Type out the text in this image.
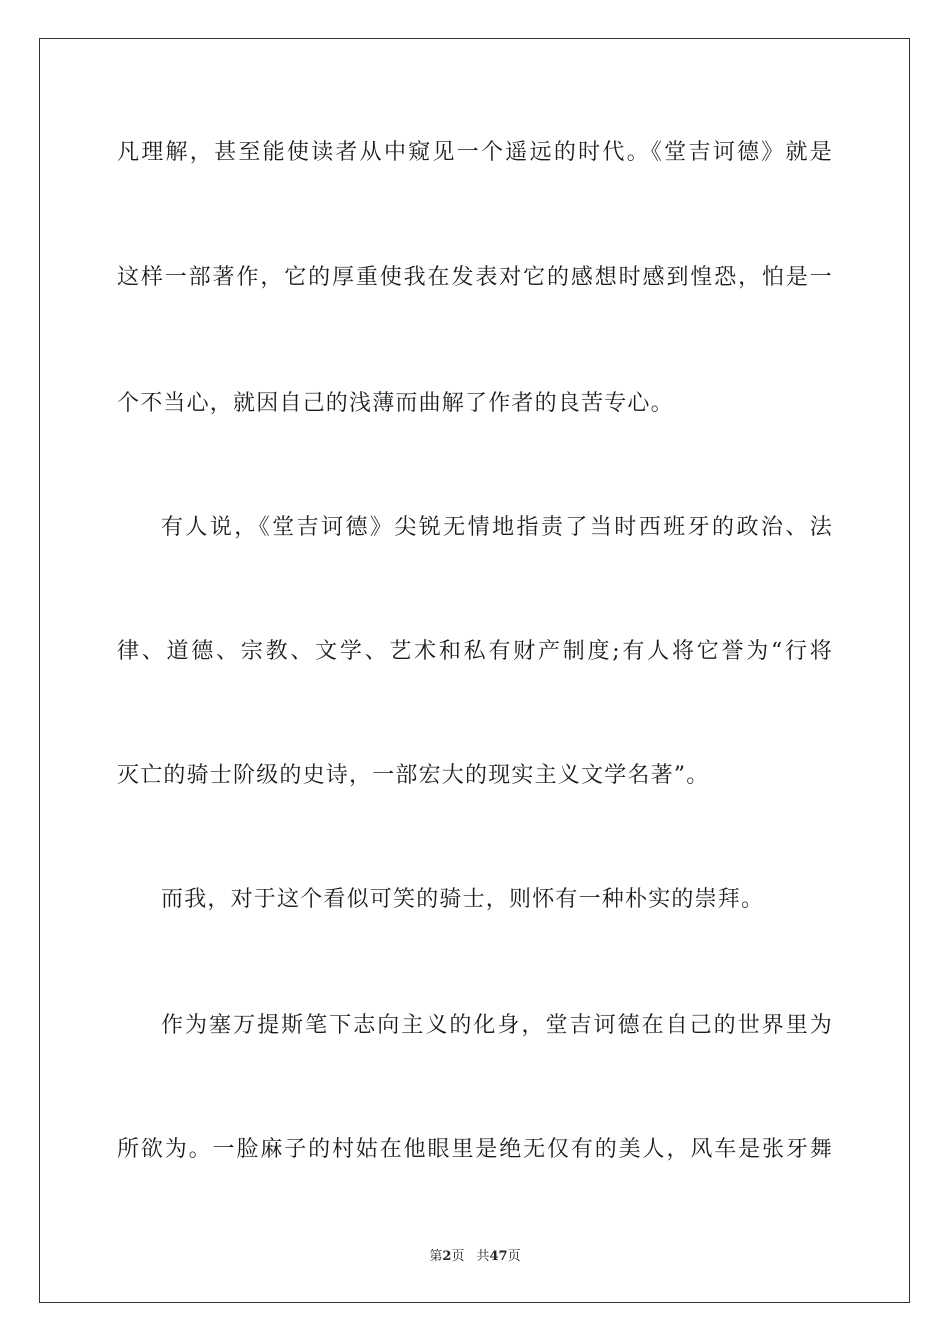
凡理解，甚至能使读者从中窥见一个遥远的时代。《堂吉诃德》就是
这样一部著作，它的厚重使我在发表对它的感想时感到惶恐，怕是一
个不当心，就因自己的浅薄而曲解了作者的良苦专心。
有人说，《堂吉诃德》尖锐无情地指责了当时西班牙的政治、法
律、道德、宗教、文学、艺术和私有财产制度;有人将它誉为“行将
灭亡的骑士阶级的史诗，一部宏大的现实主义文学名著”。
而我，对于这个看似可笑的骑士，则怀有一种朴实的崇拜。
作为塞万提斯笔下志向主义的化身，堂吉诃德在自己的世界里为
所欲为。一脸麻子的村姑在他眼里是绝无仅有的美人，风车是张牙舞
第2页 共47页
